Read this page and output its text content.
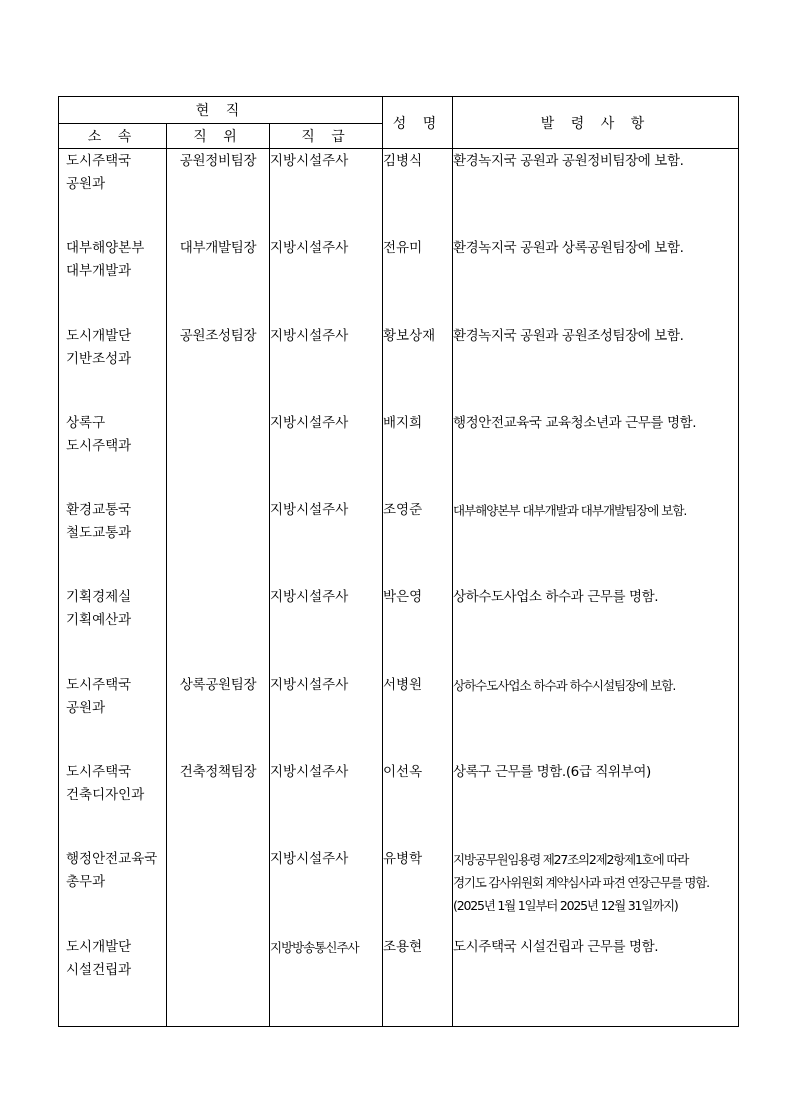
현 직			성 명	발 령 사 항
소 속	직 위	직 급		

도시주택국
공원과	공원정비팀장	지방시설주사	김병식	환경녹지국 공원과 공원정비팀장에 보함.

대부해양본부
대부개발과	대부개발팀장	지방시설주사	전유미	환경녹지국 공원과 상록공원팀장에 보함.

도시개발단
기반조성과	공원조성팀장	지방시설주사	황보상재	환경녹지국 공원과 공원조성팀장에 보함.

상록구
도시주택과		지방시설주사	배지희	행정안전교육국 교육청소년과 근무를 명함.

환경교통국
철도교통과		지방시설주사	조영준	대부해양본부 대부개발과 대부개발팀장에 보함.

기획경제실
기획예산과		지방시설주사	박은영	상하수도사업소 하수과 근무를 명함.

도시주택국
공원과	상록공원팀장	지방시설주사	서병원	상하수도사업소 하수과 하수시설팀장에 보함.

도시주택국
건축디자인과	건축정책팀장	지방시설주사	이선옥	상록구 근무를 명함.(6급 직위부여)

행정안전교육국
총무과		지방시설주사	유병학	지방공무원임용령 제27조의2제2항제1호에 따라
경기도 감사위원회 계약심사과 파견 연장근무를 명함.
(2025년 1월 1일부터 2025년 12월 31일까지)

도시개발단
시설건립과		지방방송통신주사	조용현	도시주택국 시설건립과 근무를 명함.
